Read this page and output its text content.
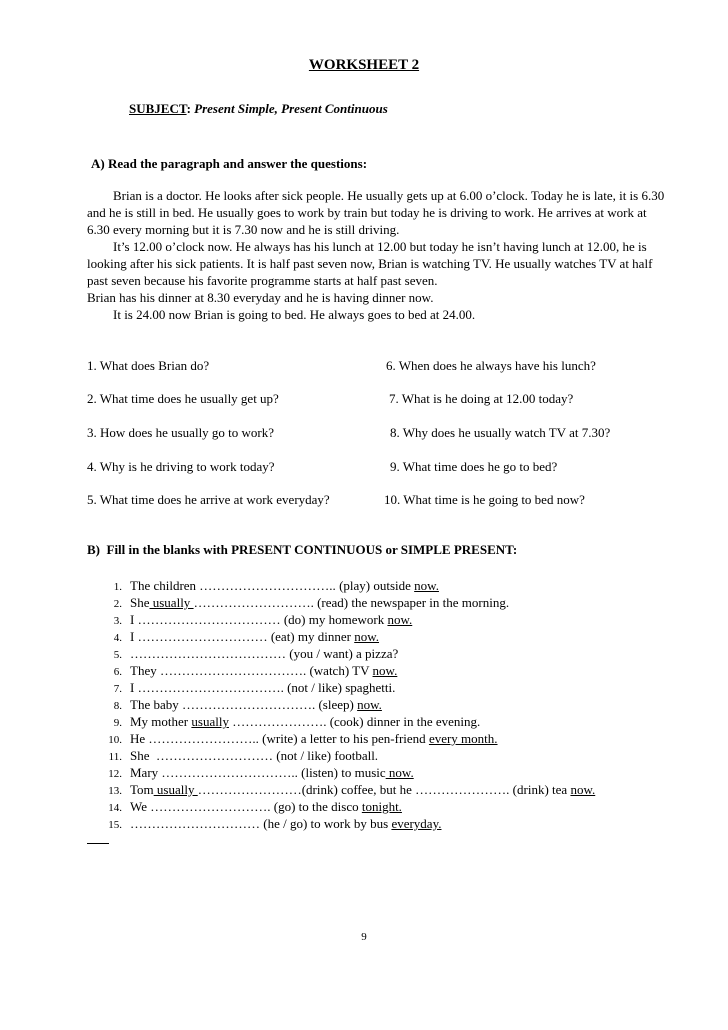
WORKSHEET 2
SUBJECT: Present Simple, Present Continuous
A) Read the paragraph and answer the questions:

Brian is a doctor. He looks after sick people. He usually gets up at 6.00 o’clock. Today he is late, it is 6.30 and he is still in bed. He usually goes to work by train but today he is driving to work. He arrives at work at 6.30 every morning but it is 7.30 now and he is still driving.

It’s 12.00 o’clock now. He always has his lunch at 12.00 but today he isn’t having lunch at 12.00, he is looking after his sick patients. It is half past seven now, Brian is watching TV. He usually watches TV at half past seven because his favorite programme starts at half past seven.

Brian has his dinner at 8.30 everyday and he is having dinner now.

It is 24.00 now Brian is going to bed. He always goes to bed at 24.00.

1. What does Brian do?
2. What time does he usually get up?
3. How does he usually go to work?
4. Why is he driving to work today?
5. What time does he arrive at work everyday?
6. When does he always have his lunch?
7. What is he doing at 12.00 today?
8. Why does he usually watch TV at 7.30?
9. What time does he go to bed?
10. What time is he going to bed now?
B)  Fill in the blanks with PRESENT CONTINUOUS or SIMPLE PRESENT:
1. The children ………………………….. (play) outside now.
2. She usually ………………………. (read) the newspaper in the morning.
3. I …………………………… (do) my homework now.
4. I ………………………… (eat) my dinner now.
5. ……………………………… (you / want) a pizza?
6. They ……………………………. (watch) TV now.
7. I ……………………………. (not / like) spaghetti.
8. The baby …………………………. (sleep) now.
9. My mother usually …………………. (cook) dinner in the evening.
10. He …………………….. (write) a letter to his pen-friend every month.
11. She  ……………………… (not / like) football.
12. Mary ………………………….. (listen) to music now.
13. Tom usually ……………………(drink) coffee, but he …………………. (drink) tea now.
14. We ………………………. (go) to the disco tonight.
15. ………………………… (he / go) to work by bus everyday.
9
